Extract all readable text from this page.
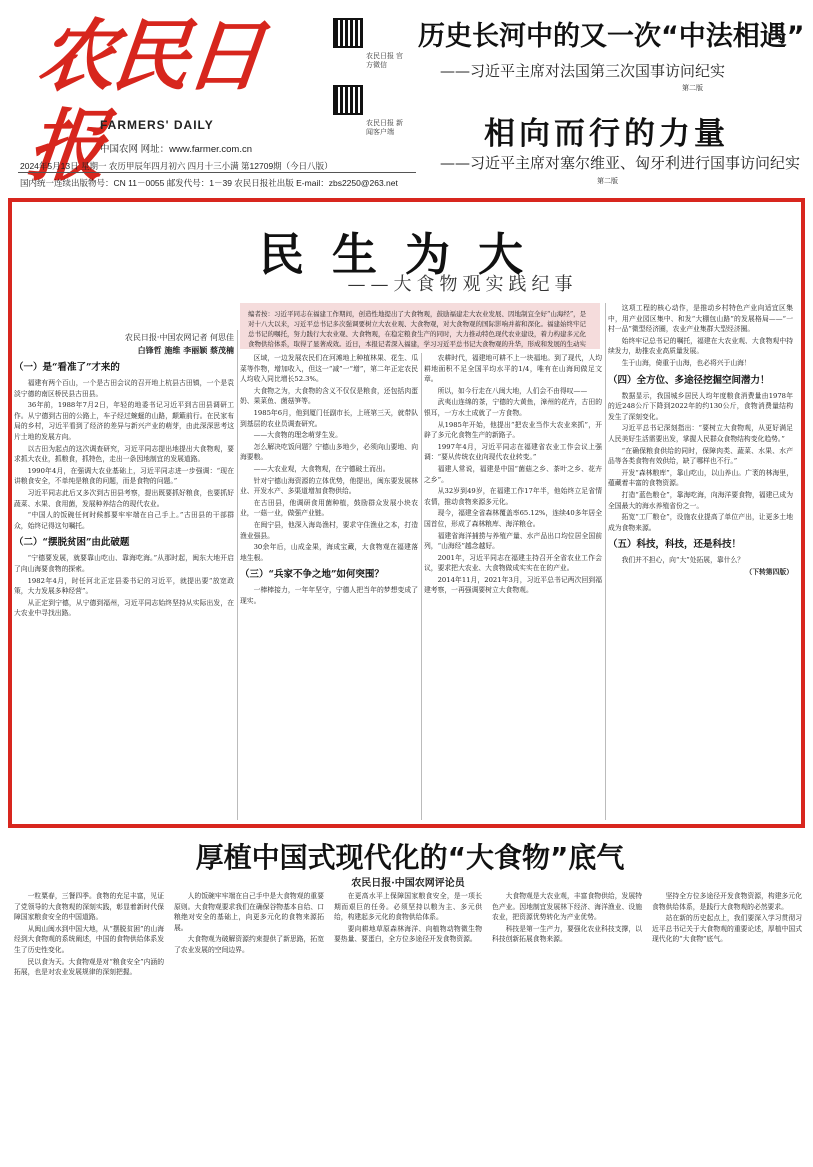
农民日报
FARMERS' DAILY
中国农网 网址：www.farmer.com.cn
农民日报 官方微信
农民日报 新闻客户端
2024年5月13日 星期一 农历甲辰年四月初六 四月十三小满 第12709期（今日八版）
国内统一连续出版物号：CN 11－0055 邮发代号：1－39 农民日报社出版 E-mail：zbs2250@263.net
历史长河中的又一次“中法相遇”
——习近平主席对法国第三次国事访问纪实
第二版
相向而行的力量
——习近平主席对塞尔维亚、匈牙利进行国事访问纪实
第二版
民生为大
——大食物观实践纪事
编者按：习近平同志在福建工作期间，创造性地提出了大食物观，鼓励福建走大农业发展、因地制宜全好“山海经”，是对十八大以来，习近平总书记多次强调要树立大农业观、大食物观，对大食物观的国际影响并蓄和深化。福建始终牢记总书记的嘱托，努力践行大农业观、大食物观，在稳定粮食生产的同时，大力推动特色现代农业建设，着力构建多元化食物供给体系，取得了显著成效。近日，本报记者深入福建，学习习近平总书记大食物观的升华，形成和发展的生动实
农民日报·中国农网记者 何思佳
白锋哲 施维 李丽颖 蔡茂楠
（一）是“看准了”才来的

福建有两个百山，一个是古田会议的召开地上杭县古田镇，一个是袁淡宁德的南区桥民县古田县。

36年前，1988年7月2日，年轻的地委书记习近平到古田县调研工作。从宁德到古田的公路上，车子经过蜿蜒的山路，颠簸前行。在民家布局的乡村，习近平看到了经济的差异与新兴产业的萌芽，由此深深思考这片土地的发展方向。

以古田为起点的这次调查研究，习近平同志提出地提出大食物观，要求抓大农业，抓粮食，抓特色，走出一条因地制宜的发展道路。

1990年4月，在强调大农业基础上，习近平同志进一步强调：“现在讲粮食安全，不单纯是粮食的问题，而是食物的问题。”

习近平同志此后又多次到古田县考察，提出既要抓好粮食，也要抓好蔬菜、水果、食用菌，发展种养结合的现代农业。

“中国人的饭碗任何时候都要牢牢端在自己手上。”古田县的干部群众，始终记得这句嘱托。

（二）“摆脱贫困”由此破题

“宁德要发展，就要靠山吃山、靠海吃海。”从那时起，闽东大地开启了向山海要食物的探索。

1982年4月，时任河北正定县委书记的习近平，就提出要“放宽政策，大力发展多种经营”。

从正定到宁德，从宁德到福州，习近平同志始终坚持从实际出发，在大农业中寻找出路。

区域，一边发展农民们在河滩地上种植林果、花生、瓜菜等作物，增加收入，但这一“减”一“增”，第二年正定农民人均收入同比增长52.3%。

大食物之为，大食物的含义不仅仅是粮食，还包括肉蛋奶、果菜鱼、菌菇笋等。

1985年6月，他到厦门任副市长，上班第三天，就带队到基层的农业员调查研究。

——大食物的理念萌芽生发。

怎么解决吃饭问题？宁德山多地少，必须向山要地、向海要粮。

——大农业观，大食物观，在宁德破土而出。

针对宁德山海资源的立体优势，他提出，闽东要发展林业、开发水产、多渠道增加食物供给。

在古田县，他调研食用菌种植，鼓励群众发展小块农业，一菇一业，做强产业链。

在闽宁县，他深入海岛渔村，要求守住渔业之本，打造渔业强县。

30余年后，山成金果，海成宝藏，大食物观在福建落地生根。

（三）“兵家不争之地”如何突围？

一棒棒接力，一年年坚守，宁德人把当年的梦想变成了现实。

农耕时代，福建地可耕不上一块福地。到了现代，人均耕地面积不足全国平均水平的1/4，唯有在山海间做足文章。

所以，如今行走在八闽大地，人们会不由得叹——

武夷山连绵的茶，宁德的大黄鱼，漳州的花卉，古田的银耳，一方水土成就了一方食物。

从1985年开始，他提出“把农业当作大农业来抓”，开辟了多元化食物生产的新路子。

1997年4月，习近平同志在福建省农业工作会议上强调：“要从传统农业向现代农业转变。”

福建人常说，福建是中国“菌菇之乡、茶叶之乡、花卉之乡”。

从32岁到49岁，在福建工作17年半，他始终立足省情农情，推动食物来源多元化。

现今，福建全省森林覆盖率65.12%，连续40多年居全国首位，形成了森林粮库、海洋粮仓。

福建省海洋捕捞与养殖产量、水产品出口均位居全国前列，“山海经”越念越好。

2001年，习近平同志在福建主持召开全省农业工作会议，要求把大农业、大食物做成实实在在的产业。

2014年11月，2021年3月，习近平总书记两次回到福建考察，一再强调要树立大食物观。

这项工程的核心动作，是推动乡村特色产业向适宜区集中，用产业园区集中、和发“大棚包山路”的发展格局——“一村一品”微型经济圈，农业产业集群大型经济圈。

始终牢记总书记的嘱托，福建在大农业观、大食物观中持续发力，助推农业高质量发展。

生于山海，倚重于山海，也必将兴于山海！

（四）全方位、多途径挖掘空间潜力！

数据显示，我国城乡居民人均年度粮食消费量由1978年的近248公斤下降到2022年的约130公斤，食物消费量结构发生了深刻变化。

习近平总书记深刻指出：“要树立大食物观，从更好满足人民美好生活需要出发，掌握人民群众食物结构变化趋势。”

“在确保粮食供给的同时，保障肉类、蔬菜、水果、水产品等各类食物有效供给，缺了哪样也不行。”

开发“森林粮库”，靠山吃山，以山养山。广袤的林海里，蕴藏着丰富的食物资源。

打造“蓝色粮仓”，靠海吃海，向海洋要食物，福建已成为全国最大的海水养殖省份之一。

拓宽“工厂粮仓”，设施农业提高了单位产出，让更多土地成为食物来源。

（五）科技，科技，还是科技！

我们并不担心，向“大”处拓展，靠什么？

（下转第四版）

厚植中国式现代化的“大食物”底气
农民日报·中国农网评论员

一粒粟春，三餐四季。食物的充足丰富，见证了党领导的大食物观的深刻实践，彰显着新时代保障国家粮食安全的中国道路。

从闽山闽水到中国大地，从“摆脱贫困”的山海经到大食物观的系统阐述，中国的食物供给体系发生了历史性变化。

民以食为天。大食物观是对“粮食安全”内涵的拓展，也是对农业发展规律的深刻把握。

人的饭碗牢牢端在自己手中是大食物观的重要原则。大食物观要求我们在确保谷物基本自给、口粮绝对安全的基础上，向更多元化的食物来源拓展。

大食物观为破解资源约束提供了新思路，拓宽了农业发展的空间边界。

在更高水平上保障国家粮食安全，是一项长期而艰巨的任务。必须坚持以粮为主、多元供给，构建起多元化的食物供给体系。

要向耕地草原森林海洋、向植物动物微生物要热量、要蛋白，全方位多途径开发食物资源。

大食物观是大农业观，丰富食物供给，发展特色产业。因地制宜发展林下经济、海洋渔业、设施农业，把资源优势转化为产业优势。

科技是第一生产力，要强化农业科技支撑，以科技创新拓展食物来源。

坚持全方位多途径开发食物资源，构建多元化食物供给体系，是践行大食物观的必然要求。

站在新的历史起点上，我们要深入学习贯彻习近平总书记关于大食物观的重要论述，厚植中国式现代化的“大食物”底气。
